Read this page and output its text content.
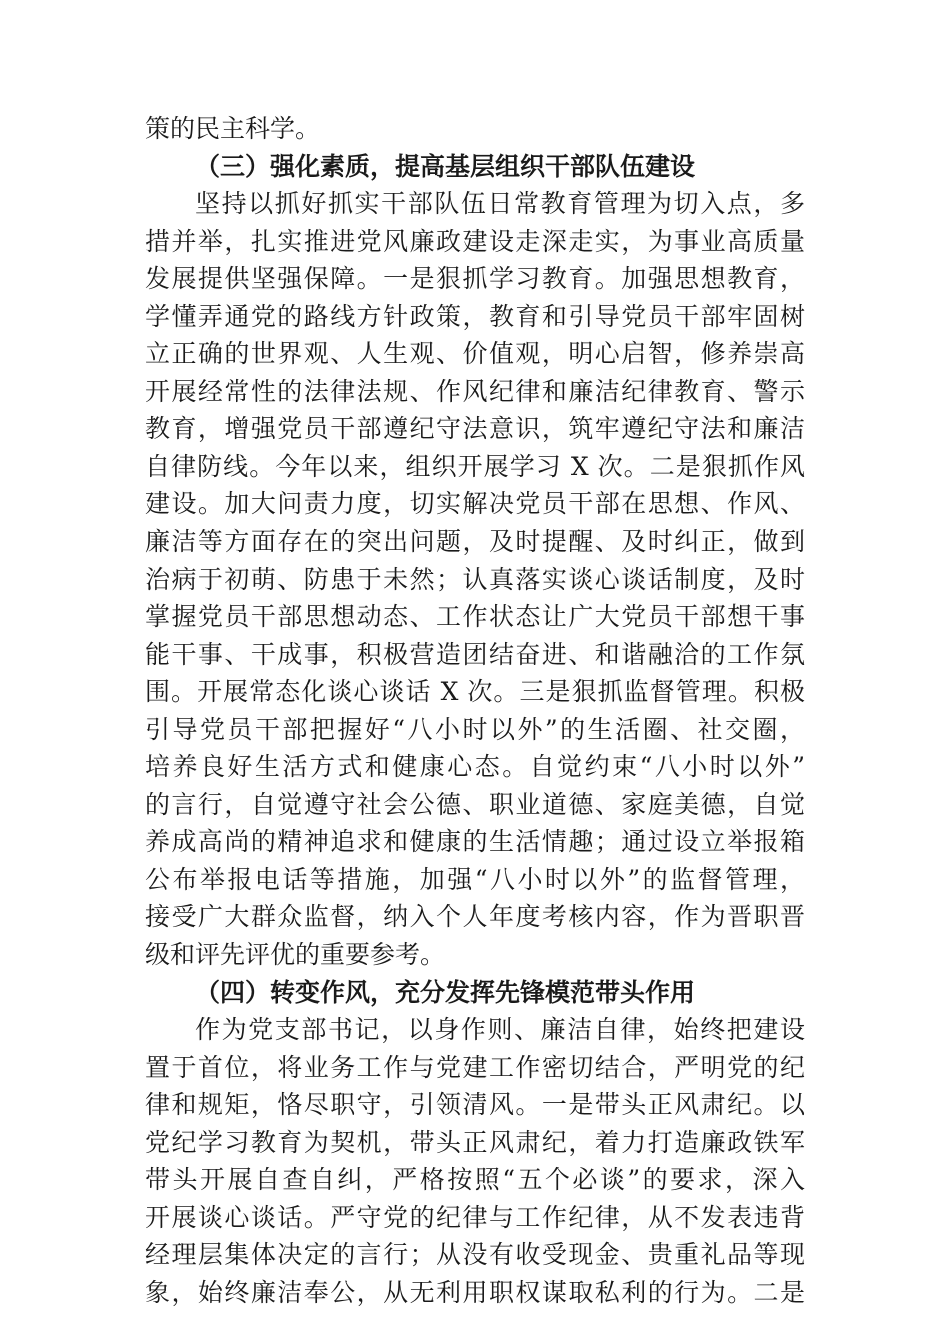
策的民主科学。
（三）强化素质，提高基层组织干部队伍建设
坚持以抓好抓实干部队伍日常教育管理为切入点，多
措并举，扎实推进党风廉政建设走深走实，为事业高质量
发展提供坚强保障。一是狠抓学习教育。加强思想教育，
学懂弄通党的路线方针政策，教育和引导党员干部牢固树
立正确的世界观、人生观、价值观，明心启智，修养崇高
开展经常性的法律法规、作风纪律和廉洁纪律教育、警示
教育，增强党员干部遵纪守法意识，筑牢遵纪守法和廉洁
自律防线。今年以来，组织开展学习 X 次。二是狠抓作风
建设。加大问责力度，切实解决党员干部在思想、作风、
廉洁等方面存在的突出问题，及时提醒、及时纠正，做到
治病于初萌、防患于未然；认真落实谈心谈话制度，及时
掌握党员干部思想动态、工作状态让广大党员干部想干事
能干事、干成事，积极营造团结奋进、和谐融洽的工作氛
围。开展常态化谈心谈话 X 次。三是狠抓监督管理。积极
引导党员干部把握好“八小时以外”的生活圈、社交圈，
培养良好生活方式和健康心态。自觉约束“八小时以外”
的言行，自觉遵守社会公德、职业道德、家庭美德，自觉
养成高尚的精神追求和健康的生活情趣；通过设立举报箱
公布举报电话等措施，加强“八小时以外”的监督管理，
接受广大群众监督，纳入个人年度考核内容，作为晋职晋
级和评先评优的重要参考。
（四）转变作风，充分发挥先锋模范带头作用
作为党支部书记，以身作则、廉洁自律，始终把建设
置于首位，将业务工作与党建工作密切结合，严明党的纪
律和规矩，恪尽职守，引领清风。一是带头正风肃纪。以
党纪学习教育为契机，带头正风肃纪，着力打造廉政铁军
带头开展自查自纠，严格按照“五个必谈”的要求，深入
开展谈心谈话。严守党的纪律与工作纪律，从不发表违背
经理层集体决定的言行；从没有收受现金、贵重礼品等现
象，始终廉洁奉公，从无利用职权谋取私利的行为。二是
